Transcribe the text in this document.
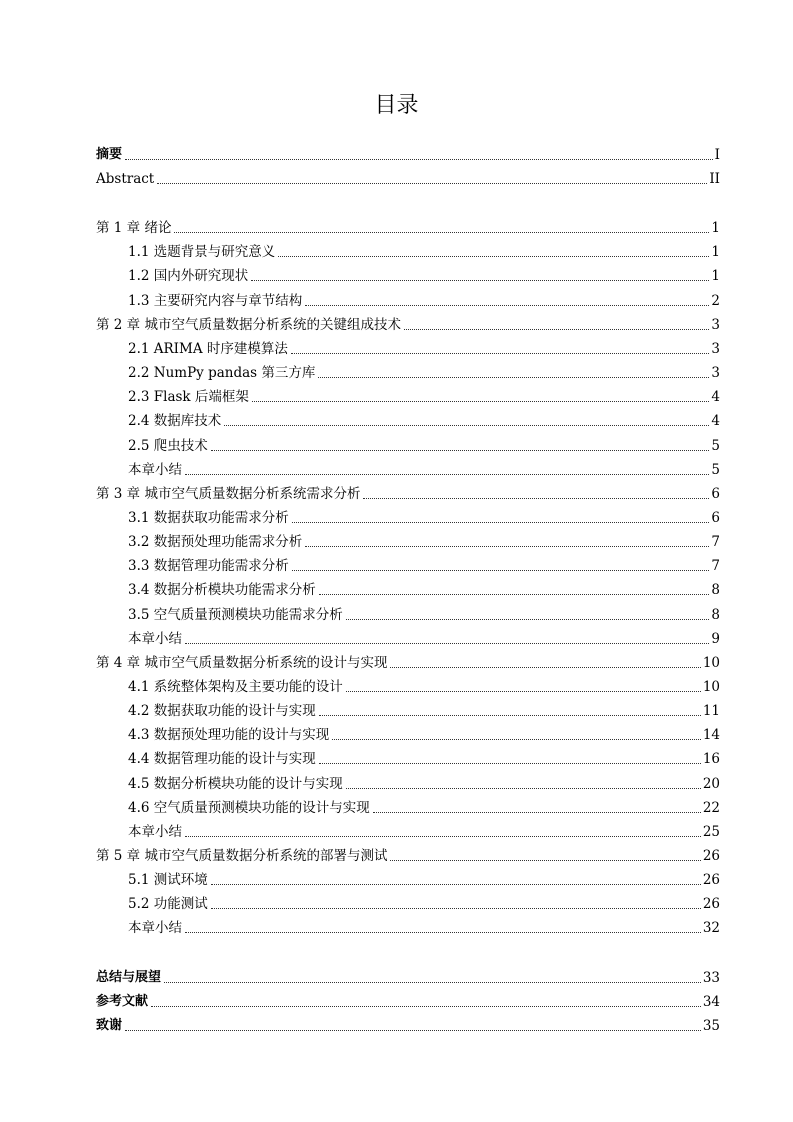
目录
摘要	I
Abstract	II
第 1 章 绪论	1
1.1 选题背景与研究意义	1
1.2 国内外研究现状	1
1.3 主要研究内容与章节结构	2
第 2 章 城市空气质量数据分析系统的关键组成技术	3
2.1 ARIMA 时序建模算法	3
2.2 NumPy pandas 第三方库	3
2.3 Flask 后端框架	4
2.4 数据库技术	4
2.5 爬虫技术	5
本章小结	5
第 3 章 城市空气质量数据分析系统需求分析	6
3.1 数据获取功能需求分析	6
3.2 数据预处理功能需求分析	7
3.3 数据管理功能需求分析	7
3.4 数据分析模块功能需求分析	8
3.5 空气质量预测模块功能需求分析	8
本章小结	9
第 4 章 城市空气质量数据分析系统的设计与实现	10
4.1 系统整体架构及主要功能的设计	10
4.2 数据获取功能的设计与实现	11
4.3 数据预处理功能的设计与实现	14
4.4 数据管理功能的设计与实现	16
4.5 数据分析模块功能的设计与实现	20
4.6 空气质量预测模块功能的设计与实现	22
本章小结	25
第 5 章 城市空气质量数据分析系统的部署与测试	26
5.1 测试环境	26
5.2 功能测试	26
本章小结	32
总结与展望	33
参考文献	34
致谢	35
